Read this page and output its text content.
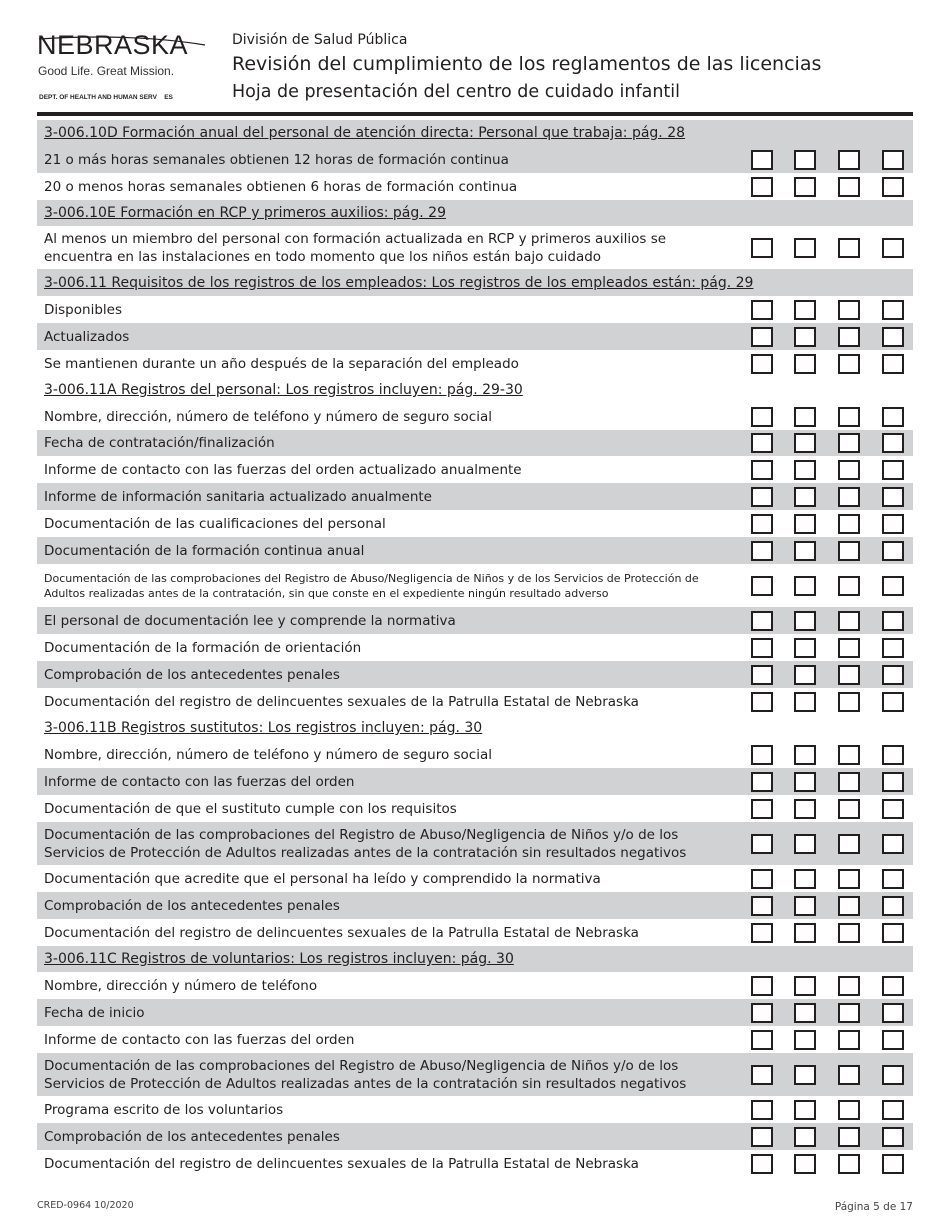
NEBRASKA
Good Life. Great Mission.
DEPT. OF HEALTH AND HUMAN SERV    ES
División de Salud Pública
Revisión del cumplimiento de los reglamentos de las licencias
Hoja de presentación del centro de cuidado infantil
3-006.10D Formación anual del personal de atención directa: Personal que trabaja: pág. 28
21 o más horas semanales obtienen 12 horas de formación continua
20 o menos horas semanales obtienen 6 horas de formación continua
3-006.10E Formación en RCP y primeros auxilios: pág. 29
Al menos un miembro del personal con formación actualizada en RCP y primeros auxilios se encuentra en las instalaciones en todo momento que los niños están bajo cuidado
3-006.11 Requisitos de los registros de los empleados: Los registros de los empleados están: pág. 29
Disponibles
Actualizados
Se mantienen durante un año después de la separación del empleado
3-006.11A Registros del personal: Los registros incluyen: pág. 29-30
Nombre, dirección, número de teléfono y número de seguro social
Fecha de contratación/finalización
Informe de contacto con las fuerzas del orden actualizado anualmente
Informe de información sanitaria actualizado anualmente
Documentación de las cualificaciones del personal
Documentación de la formación continua anual
Documentación de las comprobaciones del Registro de Abuso/Negligencia de Niños y de los Servicios de Protección de Adultos realizadas antes de la contratación, sin que conste en el expediente ningún resultado adverso
El personal de documentación lee y comprende la normativa
Documentación de la formación de orientación
Comprobación de los antecedentes penales
Documentación del registro de delincuentes sexuales de la Patrulla Estatal de Nebraska
3-006.11B Registros sustitutos: Los registros incluyen: pág. 30
Nombre, dirección, número de teléfono y número de seguro social
Informe de contacto con las fuerzas del orden
Documentación de que el sustituto cumple con los requisitos
Documentación de las comprobaciones del Registro de Abuso/Negligencia de Niños y/o de los Servicios de Protección de Adultos realizadas antes de la contratación sin resultados negativos
Documentación que acredite que el personal ha leído y comprendido la normativa
Comprobación de los antecedentes penales
Documentación del registro de delincuentes sexuales de la Patrulla Estatal de Nebraska
3-006.11C Registros de voluntarios: Los registros incluyen: pág. 30
Nombre, dirección y número de teléfono
Fecha de inicio
Informe de contacto con las fuerzas del orden
Documentación de las comprobaciones del Registro de Abuso/Negligencia de Niños y/o de los Servicios de Protección de Adultos realizadas antes de la contratación sin resultados negativos
Programa escrito de los voluntarios
Comprobación de los antecedentes penales
Documentación del registro de delincuentes sexuales de la Patrulla Estatal de Nebraska
CRED-0964 10/2020	Página 5 de 17
